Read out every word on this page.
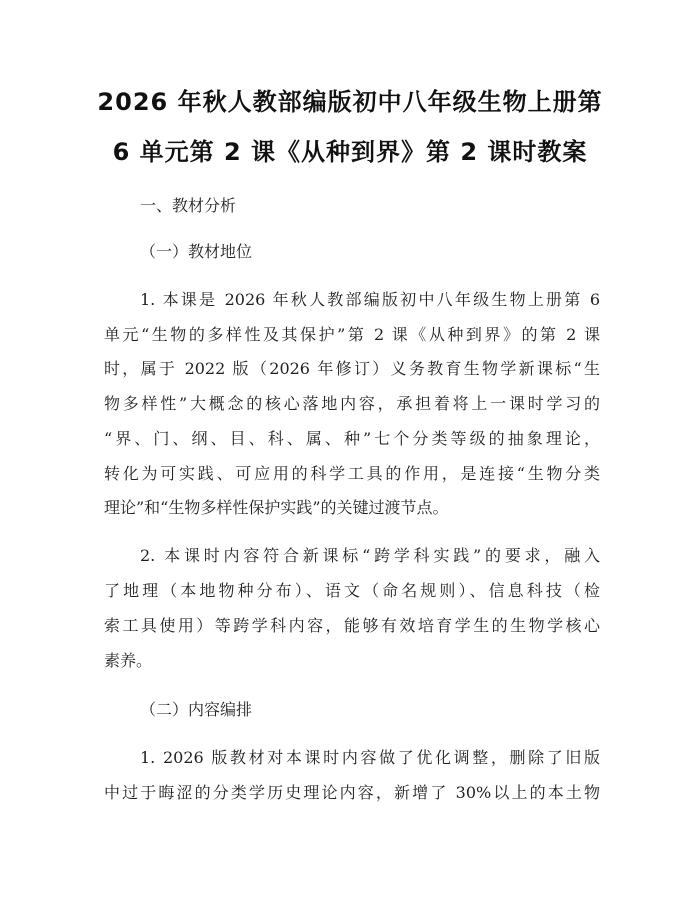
2026 年秋人教部编版初中八年级生物上册第
6 单元第 2 课《从种到界》第 2 课时教案
一、教材分析
（一）教材地位
1. 本课是 2026 年秋人教部编版初中八年级生物上册第 6
单元“生物的多样性及其保护”第 2 课《从种到界》的第 2 课
时，属于 2022 版（2026 年修订）义务教育生物学新课标“生
物多样性”大概念的核心落地内容，承担着将上一课时学习的
“界、门、纲、目、科、属、种”七个分类等级的抽象理论，
转化为可实践、可应用的科学工具的作用，是连接“生物分类
理论”和“生物多样性保护实践”的关键过渡节点。
2. 本课时内容符合新课标“跨学科实践”的要求，融入
了地理（本地物种分布）、语文（命名规则）、信息科技（检
索工具使用）等跨学科内容，能够有效培育学生的生物学核心
素养。
（二）内容编排
1. 2026 版教材对本课时内容做了优化调整，删除了旧版
中过于晦涩的分类学历史理论内容，新增了 30%以上的本土物
